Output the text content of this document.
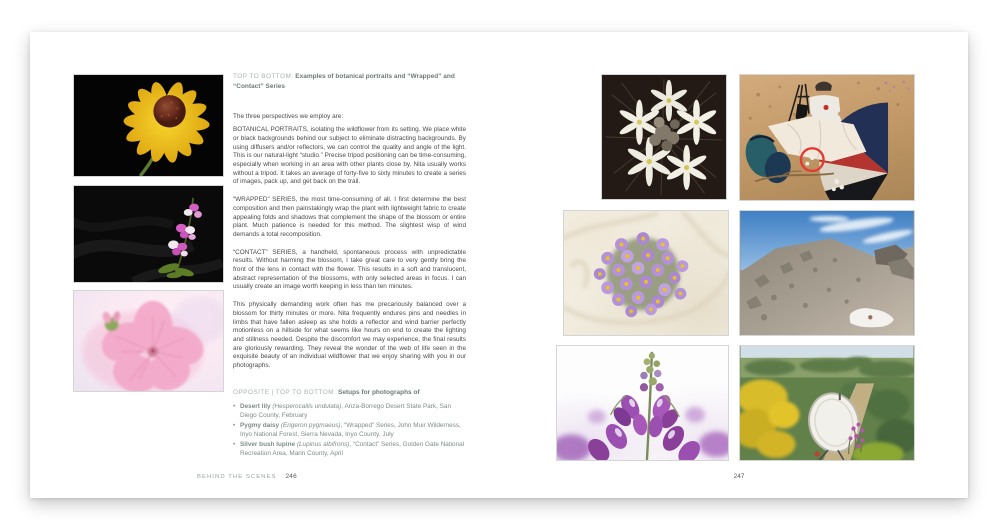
TOP TO BOTTOM: Examples of botanical portraits and “Wrapped” and “Contact” Series

The three perspectives we employ are:

BOTANICAL PORTRAITS, isolating the wildflower from its setting. We place white or black backgrounds behind our subject to eliminate distracting backgrounds. By using diffusers and/or reflectors, we can control the quality and angle of the light. This is our natural-light “studio.” Precise tripod positioning can be time-consuming, especially when working in an area with other plants close by. Nita usually works without a tripod. It takes an average of forty-five to sixty minutes to create a series of images, pack up, and get back on the trail.

“WRAPPED” SERIES, the most time-consuming of all. I first determine the best composition and then painstakingly wrap the plant with lightweight fabric to create appealing folds and shadows that complement the shape of the blossom or entire plant. Much patience is needed for this method. The slightest wisp of wind demands a total recomposition.

“CONTACT” SERIES, a handheld, spontaneous process with unpredictable results. Without harming the blossom, I take great care to very gently bring the front of the lens in contact with the flower. This results in a soft and translucent, abstract representation of the blossoms, with only selected areas in focus. I can usually create an image worth keeping in less than ten minutes.

This physically demanding work often has me precariously balanced over a blossom for thirty minutes or more. Nita frequently endures pins and needles in limbs that have fallen asleep as she holds a reflector and wind barrier perfectly motionless on a hillside for what seems like hours on end to create the lighting and stillness needed. Despite the discomfort we may experience, the final results are gloriously rewarding. They reveal the wonder of the web of life seen in the exquisite beauty of an individual wildflower that we enjoy sharing with you in our photographs.

OPPOSITE | TOP TO BOTTOM: Setups for photographs of
• Desert lily (Hesperocallis undulata), Anza-Borrego Desert State Park, San Diego County, February
• Pygmy daisy (Erigeron pygmaeus), “Wrapped” Series, John Muir Wilderness, Inyo National Forest, Sierra Nevada, Inyo County, July
• Silver bush lupine (Lupinus albifrons), “Contact” Series, Golden Gate National Recreation Area, Marin County, April
BEHIND THE SCENES 246	247
